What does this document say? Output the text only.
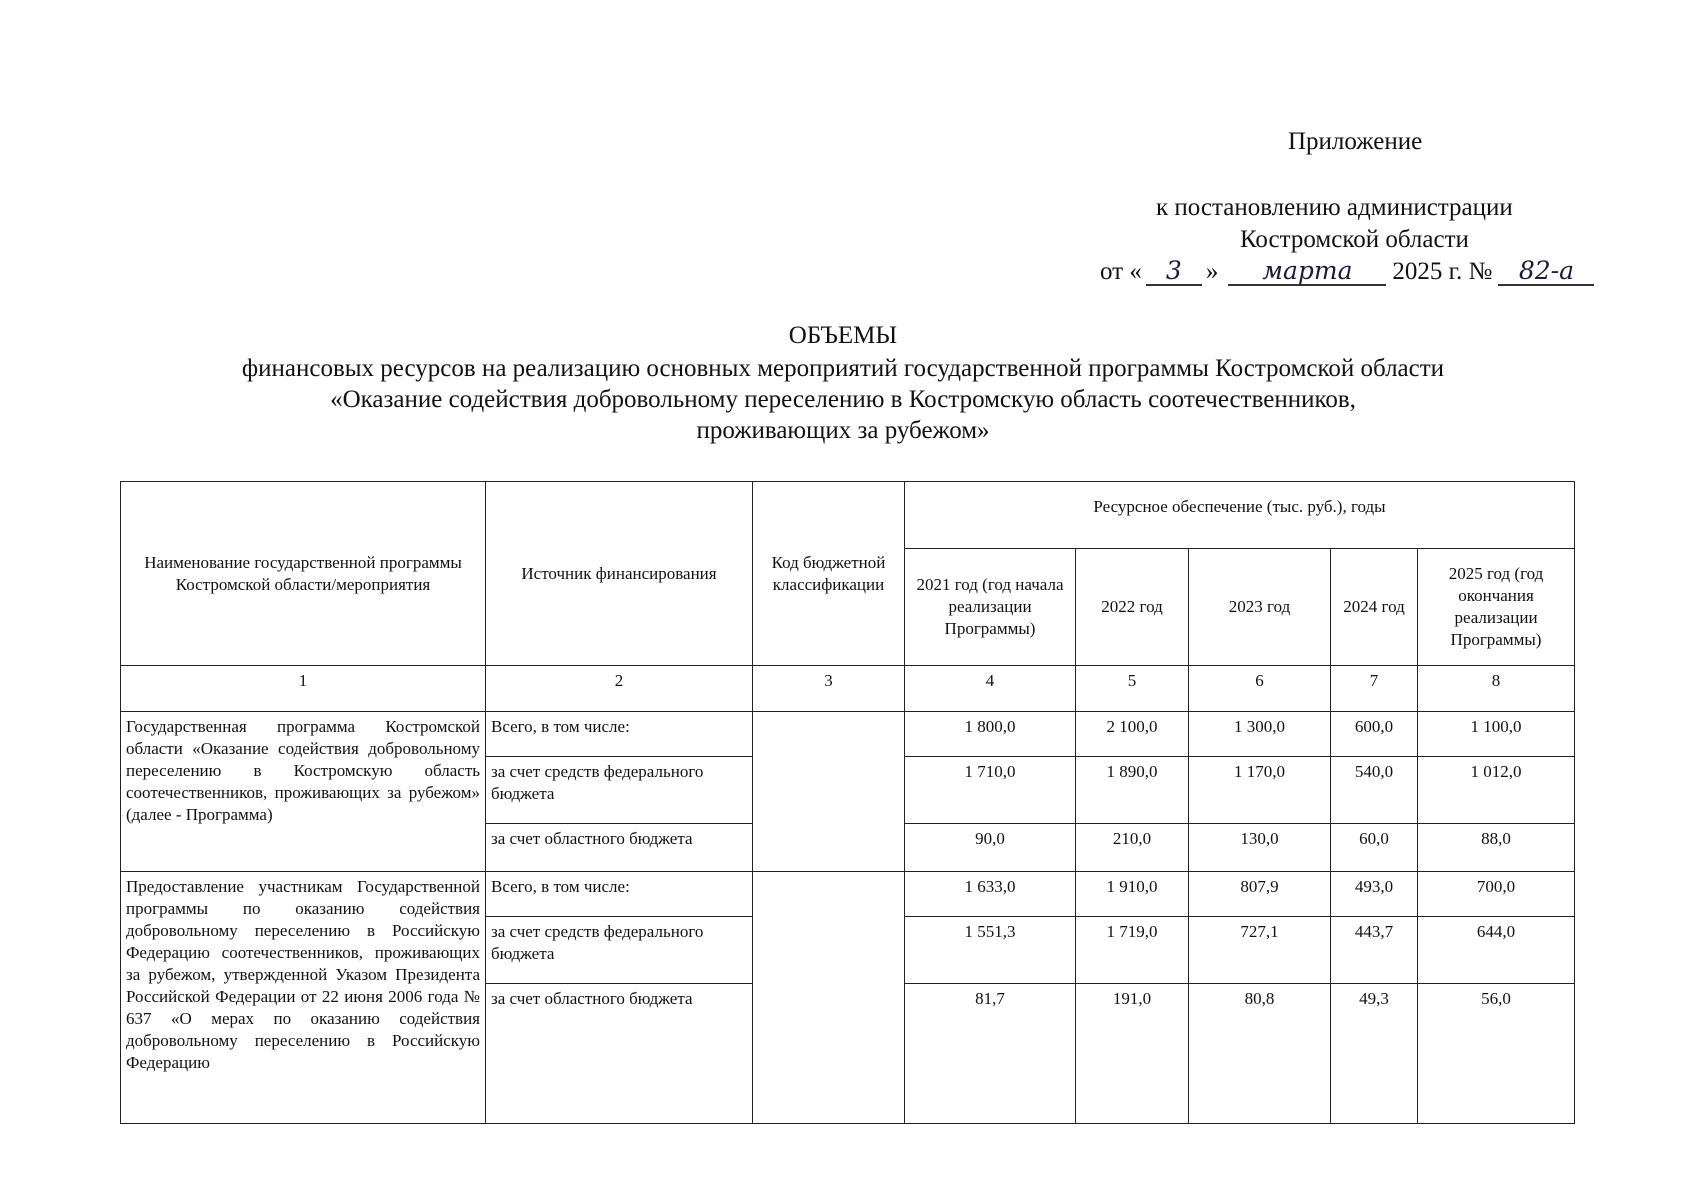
Приложение
к постановлению администрации
Костромской области
от « 3 » марта 2025 г. № 82-а
ОБЪЕМЫ
финансовых ресурсов на реализацию основных мероприятий государственной программы Костромской области
«Оказание содействия добровольному переселению в Костромскую область соотечественников,
проживающих за рубежом»
Наименование государственной программы Костромской области/мероприятия	Источник финансирования	Код бюджетной классификации	Ресурсное обеспечение (тыс. руб.), годы				
			2021 год (год начала реализации Программы)	2022 год	2023 год	2024 год	2025 год (год окончания реализации Программы)
1	2	3	4	5	6	7	8
Государственная программа Костромской области «Оказание содействия добровольному переселению в Костромскую область соотечественников, проживающих за рубежом» (далее - Программа)	Всего, в том числе:		1 800,0	2 100,0	1 300,0	600,0	1 100,0
	за счет средств федерального бюджета		1 710,0	1 890,0	1 170,0	540,0	1 012,0
	за счет областного бюджета		90,0	210,0	130,0	60,0	88,0
Предоставление участникам Государственной программы по оказанию содействия добровольному переселению в Российскую Федерацию соотечественников, проживающих за рубежом, утвержденной Указом Президента Российской Федерации от 22 июня 2006 года № 637 «О мерах по оказанию содействия добровольному переселению в Российскую Федерацию	Всего, в том числе:		1 633,0	1 910,0	807,9	493,0	700,0
	за счет средств федерального бюджета		1 551,3	1 719,0	727,1	443,7	644,0
	за счет областного бюджета		81,7	191,0	80,8	49,3	56,0
